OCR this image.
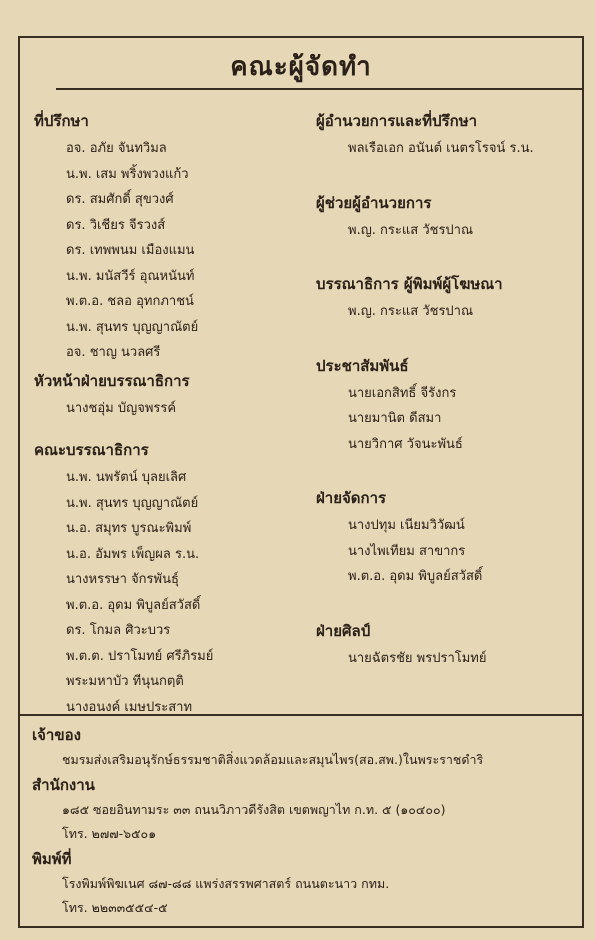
คณะผู้จัดทำ
ที่ปรึกษา
อจ. อภัย จันทวิมล
น.พ. เสม พริ้งพวงแก้ว
ดร. สมศักดิ์ สุขวงศ์
ดร. วิเชียร จีรวงส์
ดร. เทพพนม เมืองแมน
น.พ. มนัสวีร์ อุณหนันท์
พ.ต.อ. ชลอ อุทกภาชน์
น.พ. สุนทร บุญญาณัตย์
อจ. ชาญ นวลศรี
หัวหน้าฝ่ายบรรณาธิการ
นางชอุ่ม บัญจพรรค์
คณะบรรณาธิการ
น.พ. นพรัตน์ บุลยเลิศ
น.พ. สุนทร บุญญาณัตย์
น.อ. สมุทร บูรณะพิมพ์
น.อ. อัมพร เพ็ญผล ร.น.
นางหรรษา จักรพันธุ์
พ.ต.อ. อุดม พิบูลย์สวัสดิ์
ดร. โกมล ศิวะบวร
พ.ต.ต. ปราโมทย์ ศรีภิรมย์
พระมหาบัว ทีนุนกตฺติ
นางอนงค์ เมษประสาท
ผู้อำนวยการและที่ปรึกษา
พลเรือเอก อนันต์ เนตรโรจน์ ร.น.
ผู้ช่วยผู้อำนวยการ
พ.ญ. กระแส วัชรปาณ
บรรณาธิการ ผู้พิมพ์ผู้โฆษณา
พ.ญ. กระแส วัชรปาณ
ประชาสัมพันธ์
นายเอกสิทธิ์ จีรังกร
นายมานิต ดีสมา
นายวิกาศ วัจนะพันธ์
ฝ่ายจัดการ
นางปทุม เนียมวิวัฒน์
นางไพเทียม สาขากร
พ.ต.อ. อุดม พิบูลย์สวัสดิ์
ฝ่ายศิลป์
นายฉัตรชัย พรปราโมทย์
เจ้าของ
ชมรมส่งเสริมอนุรักษ์ธรรมชาติสิ่งแวดล้อมและสมุนไพร(สอ.สพ.)ในพระราชดำริ
สำนักงาน
๑๘๕ ซอยอินทามระ ๓๓ ถนนวิภาวดีรังสิต เขตพญาไท ก.ท. ๕ (๑๐๔๐๐)
โทร. ๒๗๗-๖๕๐๑
พิมพ์ที่
โรงพิมพ์พิฆเนศ ๘๗-๘๘ แพร่งสรรพศาสตร์ ถนนตะนาว กทม.
โทร. ๒๒๓๓๕๕๔-๕
